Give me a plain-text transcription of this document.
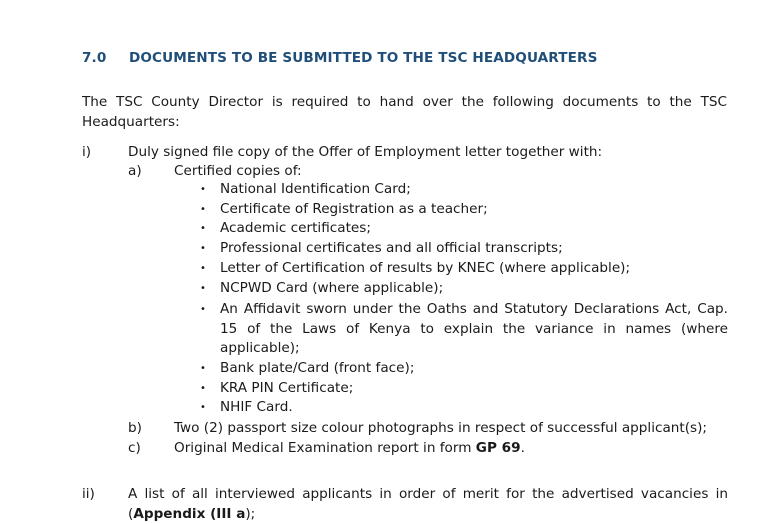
7.0 DOCUMENTS TO BE SUBMITTED TO THE TSC HEADQUARTERS
The TSC County Director is required to hand over the following documents to the TSC Headquarters:
i)	Duly signed file copy of the Offer of Employment letter together with:
a) Certified copies of:
• National Identification Card;
• Certificate of Registration as a teacher;
• Academic certificates;
• Professional certificates and all official transcripts;
• Letter of Certification of results by KNEC (where applicable);
• NCPWD Card (where applicable);
• An Affidavit sworn under the Oaths and Statutory Declarations Act, Cap. 15 of the Laws of Kenya to explain the variance in names (where applicable);
• Bank plate/Card (front face);
• KRA PIN Certificate;
• NHIF Card.
b) Two (2) passport size colour photographs in respect of successful applicant(s);
c) Original Medical Examination report in form GP 69.
ii) A list of all interviewed applicants in order of merit for the advertised vacancies in (Appendix (III a);
